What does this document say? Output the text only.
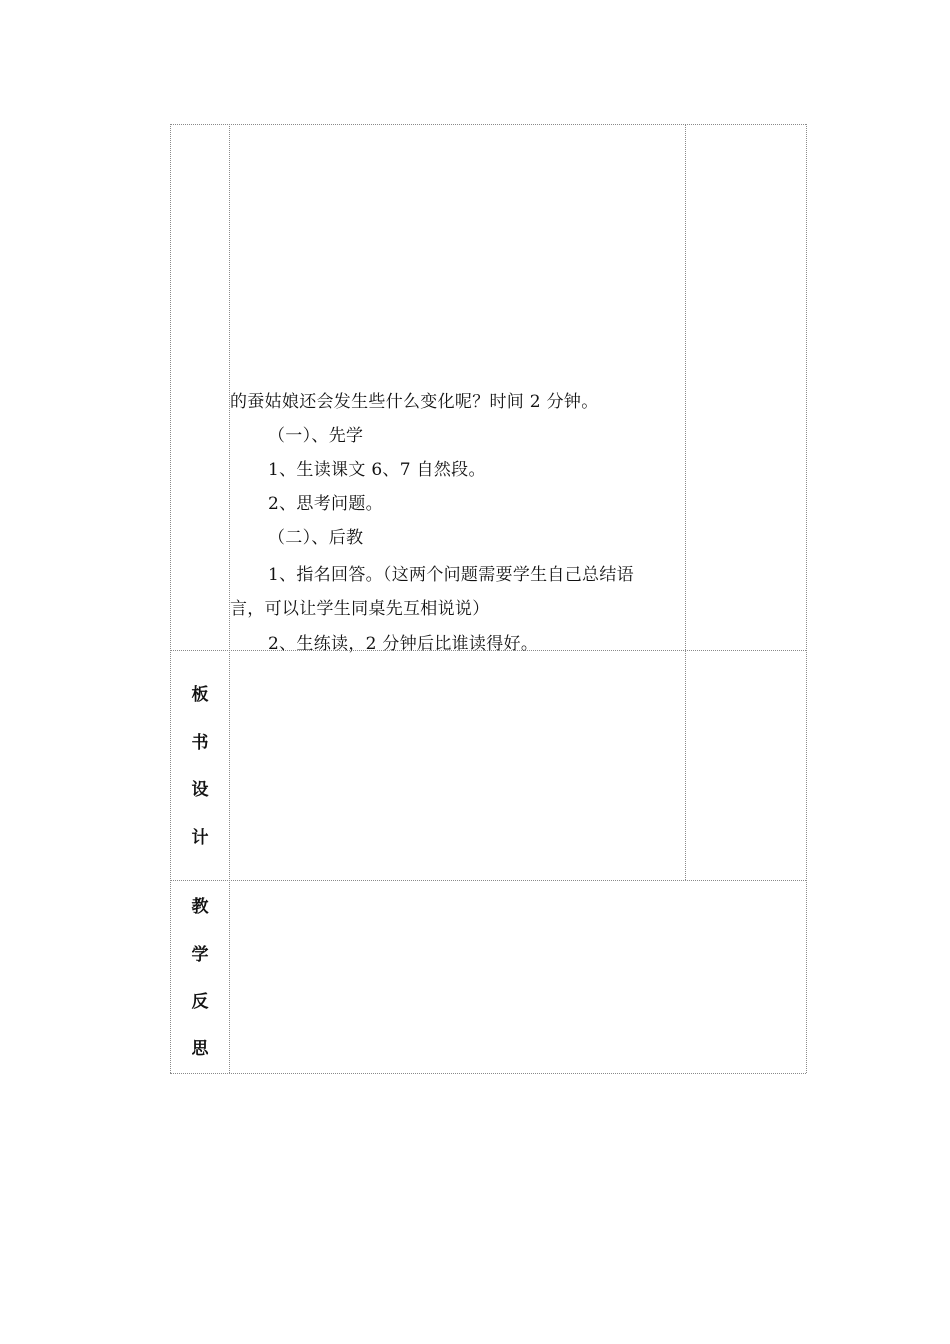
的蚕姑娘还会发生些什么变化呢？时间 2 分钟。
（一）、先学
1、生读课文 6、7 自然段。
2、思考问题。
（二）、后教
1、指名回答。（这两个问题需要学生自己总结语
言，可以让学生同桌先互相说说）
2、生练读，2 分钟后比谁读得好。
板
书
设
计
教
学
反
思
